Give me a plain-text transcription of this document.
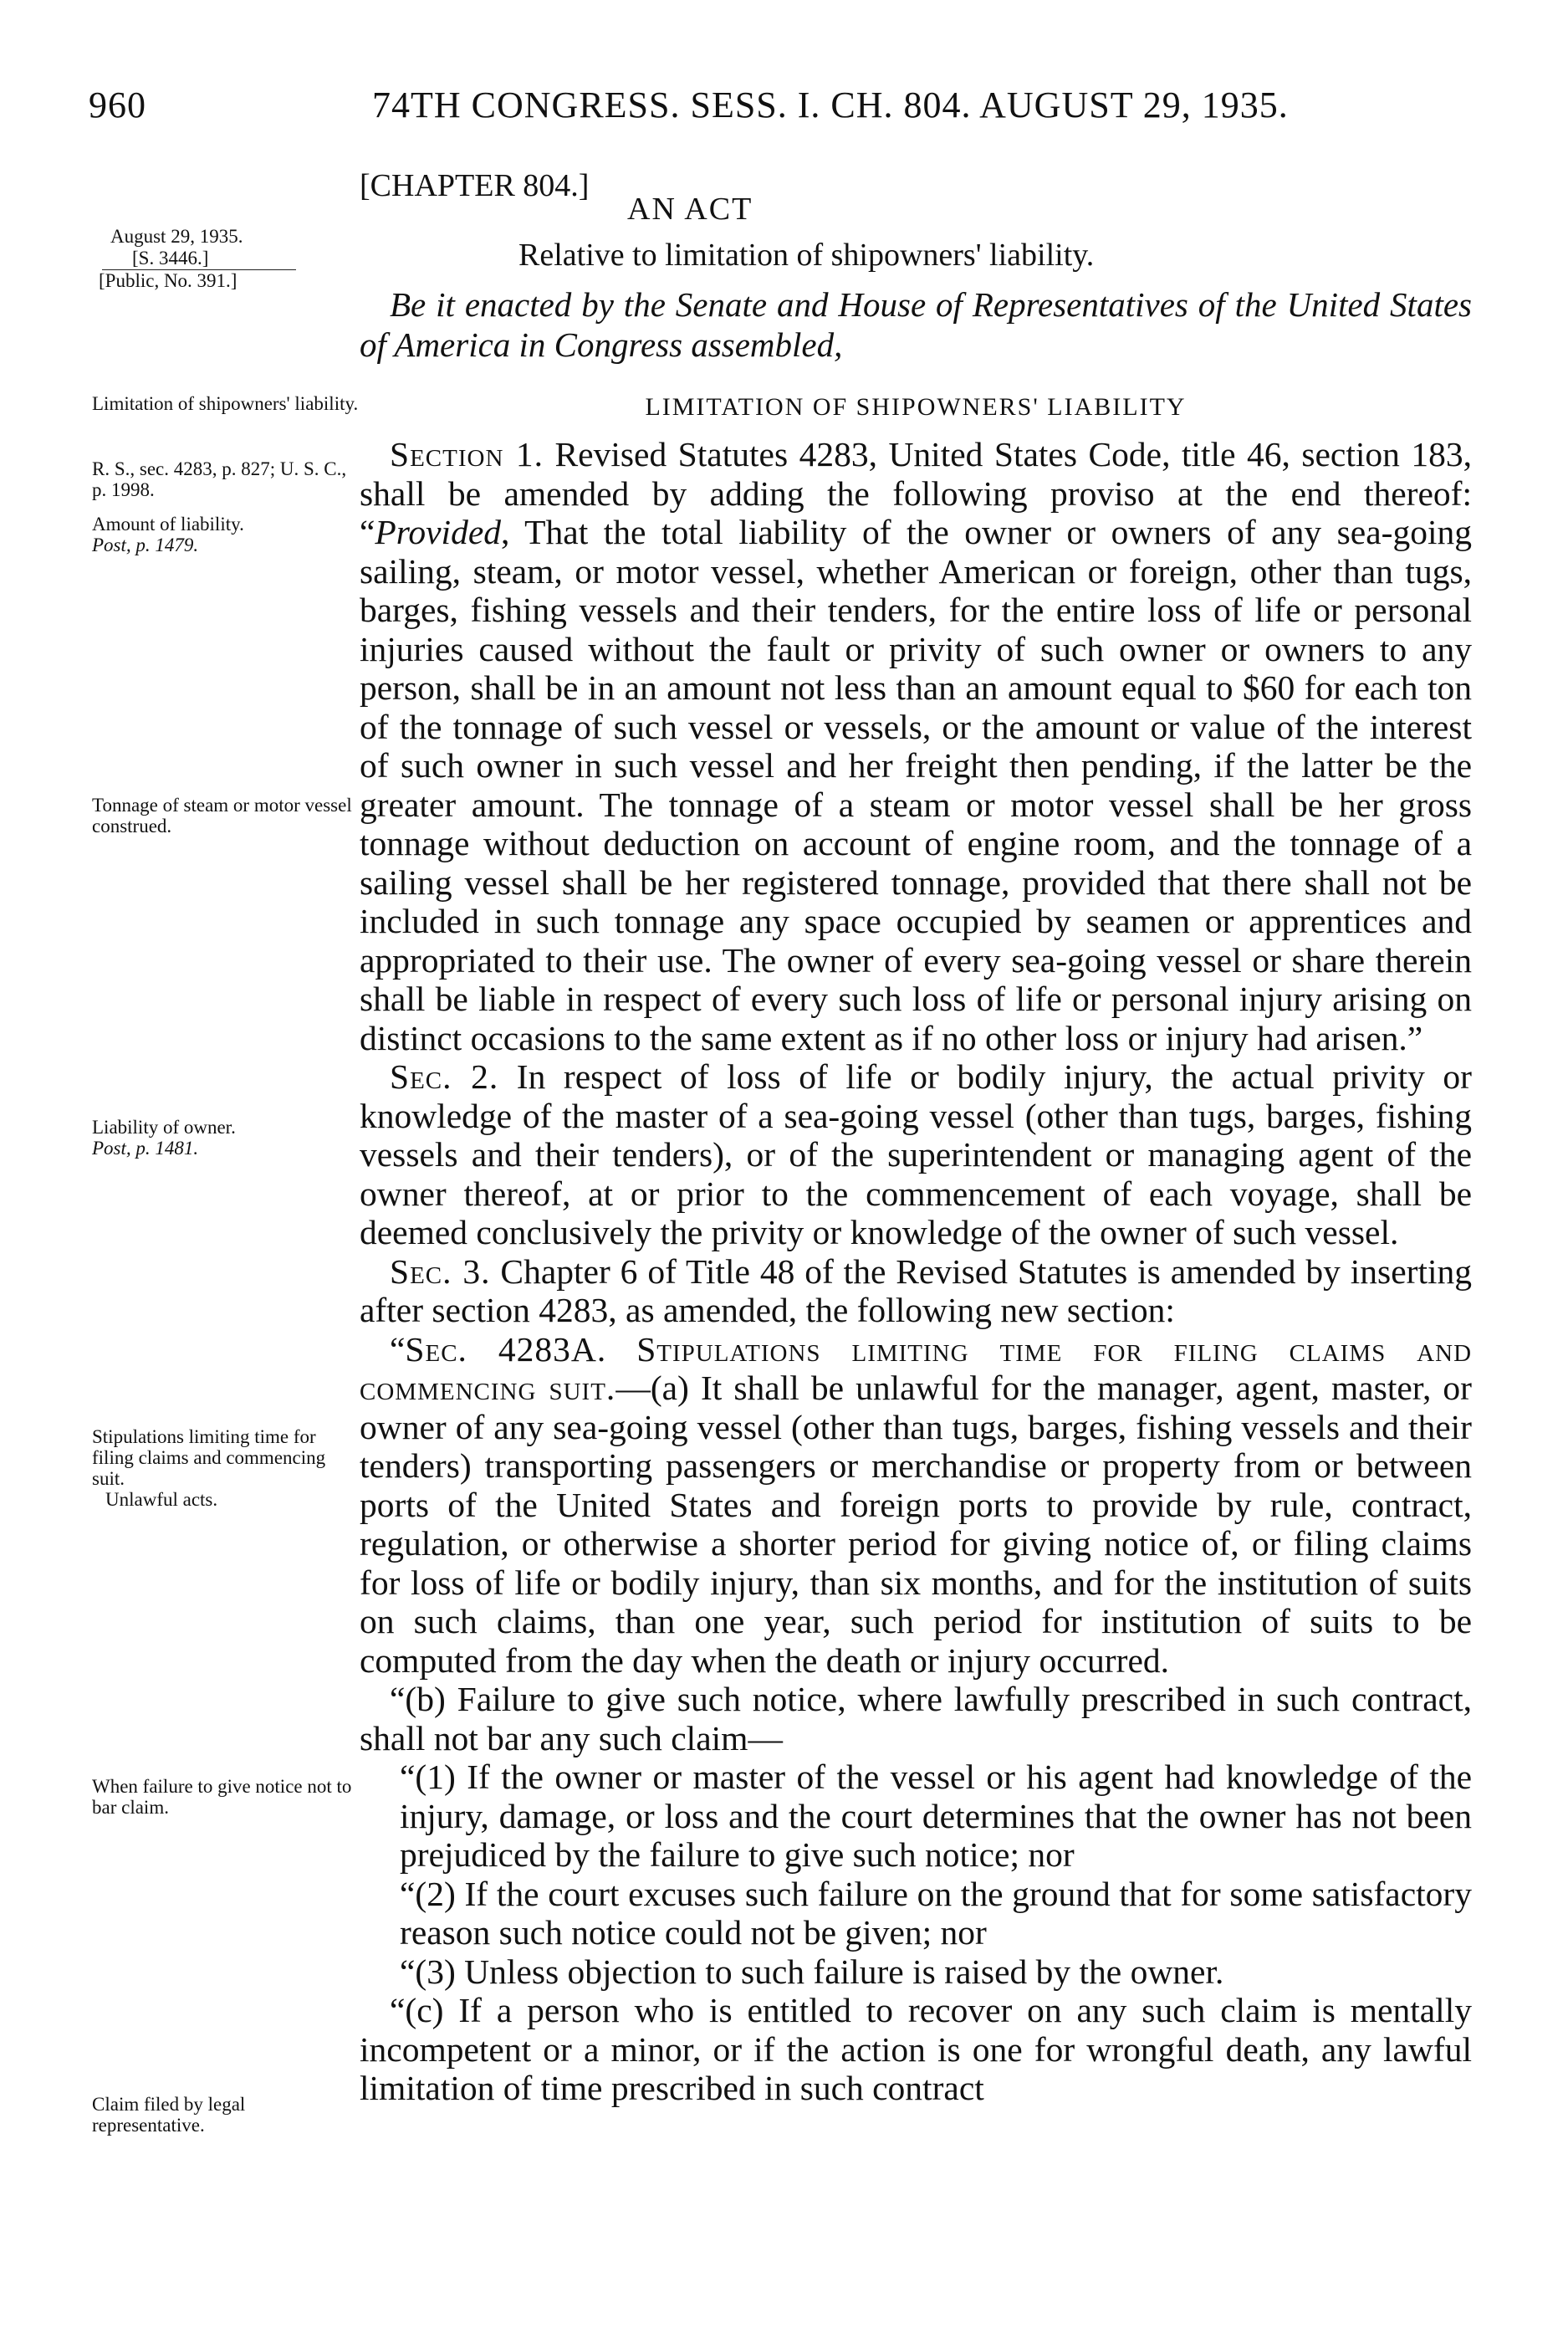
960	74TH CONGRESS. SESS. I. CH. 804. AUGUST 29, 1935.
[CHAPTER 804.]
AN ACT
Relative to limitation of shipowners' liability.
August 29, 1935.
[S. 3446.]
[Public, No. 391.]
Be it enacted by the Senate and House of Representatives of the United States of America in Congress assembled,
LIMITATION OF SHIPOWNERS' LIABILITY
Limitation of shipowners' liability.
R. S., sec. 4283, p. 827; U. S. C., p. 1998.
Amount of liability.
Post, p. 1479.
Tonnage of steam or motor vessel construed.
Liability of owner.
Post, p. 1481.
Stipulations limiting time for filing claims and commencing suit.
Unlawful acts.
When failure to give notice not to bar claim.
Claim filed by legal representative.

Section 1. Revised Statutes 4283, United States Code, title 46, section 183, shall be amended by adding the following proviso at the end thereof: “Provided, That the total liability of the owner or owners of any sea-going sailing, steam, or motor vessel, whether American or foreign, other than tugs, barges, fishing vessels and their tenders, for the entire loss of life or personal injuries caused without the fault or privity of such owner or owners to any person, shall be in an amount not less than an amount equal to $60 for each ton of the tonnage of such vessel or vessels, or the amount or value of the interest of such owner in such vessel and her freight then pending, if the latter be the greater amount. The tonnage of a steam or motor vessel shall be her gross tonnage without deduction on account of engine room, and the tonnage of a sailing vessel shall be her registered tonnage, provided that there shall not be included in such tonnage any space occupied by seamen or apprentices and appropriated to their use. The owner of every sea-going vessel or share therein shall be liable in respect of every such loss of life or personal injury arising on distinct occasions to the same extent as if no other loss or injury had arisen.”

Sec. 2. In respect of loss of life or bodily injury, the actual privity or knowledge of the master of a sea-going vessel (other than tugs, barges, fishing vessels and their tenders), or of the superintendent or managing agent of the owner thereof, at or prior to the commencement of each voyage, shall be deemed conclusively the privity or knowledge of the owner of such vessel.

Sec. 3. Chapter 6 of Title 48 of the Revised Statutes is amended by inserting after section 4283, as amended, the following new section:

“Sec. 4283A. Stipulations limiting time for filing claims and commencing suit.—(a) It shall be unlawful for the manager, agent, master, or owner of any sea-going vessel (other than tugs, barges, fishing vessels and their tenders) transporting passengers or merchandise or property from or between ports of the United States and foreign ports to provide by rule, contract, regulation, or otherwise a shorter period for giving notice of, or filing claims for loss of life or bodily injury, than six months, and for the institution of suits on such claims, than one year, such period for institution of suits to be computed from the day when the death or injury occurred.

“(b) Failure to give such notice, where lawfully prescribed in such contract, shall not bar any such claim—

“(1) If the owner or master of the vessel or his agent had knowledge of the injury, damage, or loss and the court determines that the owner has not been prejudiced by the failure to give such notice; nor

“(2) If the court excuses such failure on the ground that for some satisfactory reason such notice could not be given; nor

“(3) Unless objection to such failure is raised by the owner.

“(c) If a person who is entitled to recover on any such claim is mentally incompetent or a minor, or if the action is one for wrongful death, any lawful limitation of time prescribed in such contract
